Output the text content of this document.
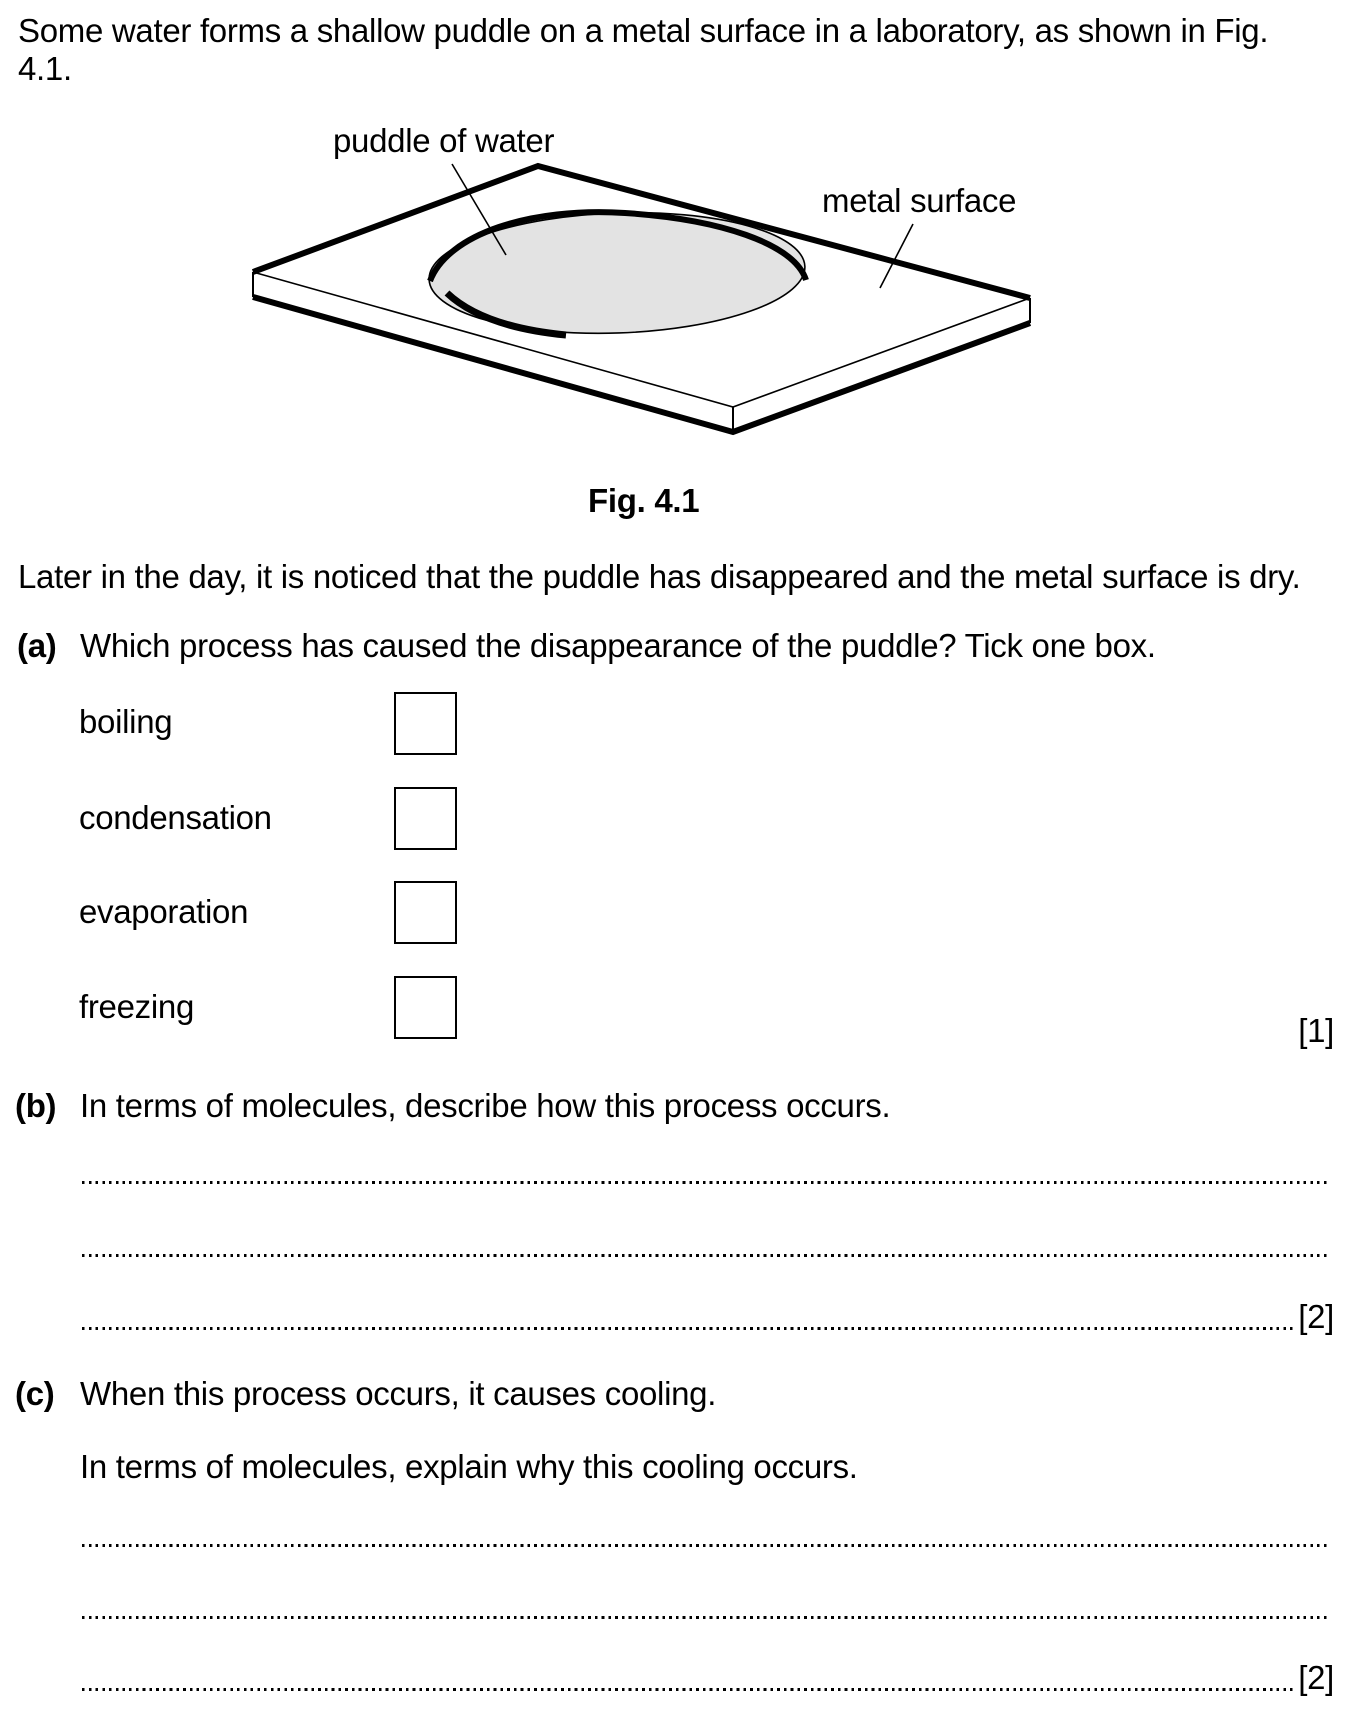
Some water forms a shallow puddle on a metal surface in a laboratory, as shown in Fig. 4.1.
puddle of water
metal surface
Fig. 4.1
Later in the day, it is noticed that the puddle has disappeared and the metal surface is dry.
(a) Which process has caused the disappearance of the puddle? Tick one box.
boiling
condensation
evaporation
freezing
[1]
(b) In terms of molecules, describe how this process occurs.
[2]
(c) When this process occurs, it causes cooling.
In terms of molecules, explain why this cooling occurs.
[2]
